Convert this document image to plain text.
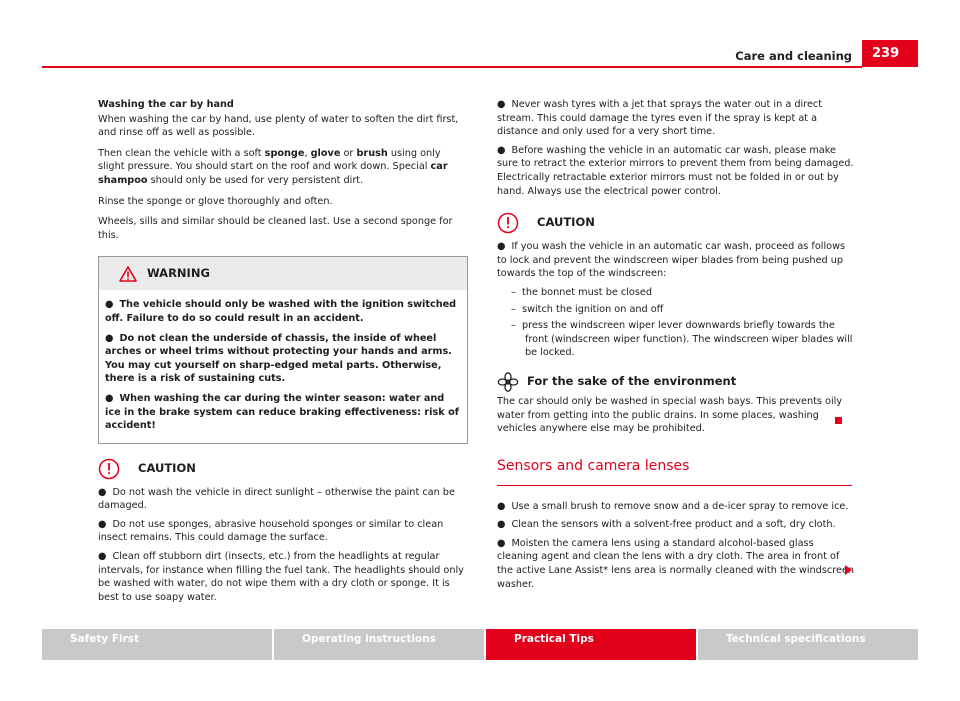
Care and cleaning	239

Washing the car by hand

When washing the car by hand, use plenty of water to soften the dirt first, and rinse off as well as possible.

Then clean the vehicle with a soft sponge, glove or brush using only slight pressure. You should start on the roof and work down. Special car shampoo should only be used for very persistent dirt.

Rinse the sponge or glove thoroughly and often.

Wheels, sills and similar should be cleaned last. Use a second sponge for this.

WARNING

● The vehicle should only be washed with the ignition switched off. Failure to do so could result in an accident.

● Do not clean the underside of chassis, the inside of wheel arches or wheel trims without protecting your hands and arms. You may cut yourself on sharp-edged metal parts. Otherwise, there is a risk of sustaining cuts.

● When washing the car during the winter season: water and ice in the brake system can reduce braking effectiveness: risk of accident!

CAUTION

● Do not wash the vehicle in direct sunlight – otherwise the paint can be damaged.

● Do not use sponges, abrasive household sponges or similar to clean insect remains. This could damage the surface.

● Clean off stubborn dirt (insects, etc.) from the headlights at regular intervals, for instance when filling the fuel tank. The headlights should only be washed with water, do not wipe them with a dry cloth or sponge. It is best to use soapy water.

● Never wash tyres with a jet that sprays the water out in a direct stream. This could damage the tyres even if the spray is kept at a distance and only used for a very short time.

● Before washing the vehicle in an automatic car wash, please make sure to retract the exterior mirrors to prevent them from being damaged. Electrically retractable exterior mirrors must not be folded in or out by hand. Always use the electrical power control.

CAUTION

● If you wash the vehicle in an automatic car wash, proceed as follows to lock and prevent the windscreen wiper blades from being pushed up towards the top of the windscreen:

–  the bonnet must be closed

–  switch the ignition on and off

–  press the windscreen wiper lever downwards briefly towards the front (windscreen wiper function). The windscreen wiper blades will be locked.

For the sake of the environment

The car should only be washed in special wash bays. This prevents oily water from getting into the public drains. In some places, washing vehicles anywhere else may be prohibited.

Sensors and camera lenses

● Use a small brush to remove snow and a de-icer spray to remove ice.

● Clean the sensors with a solvent-free product and a soft, dry cloth.

● Moisten the camera lens using a standard alcohol-based glass cleaning agent and clean the lens with a dry cloth. The area in front of the active Lane Assist* lens area is normally cleaned with the windscreen washer.

Safety First	Operating instructions	Practical Tips	Technical specifications
